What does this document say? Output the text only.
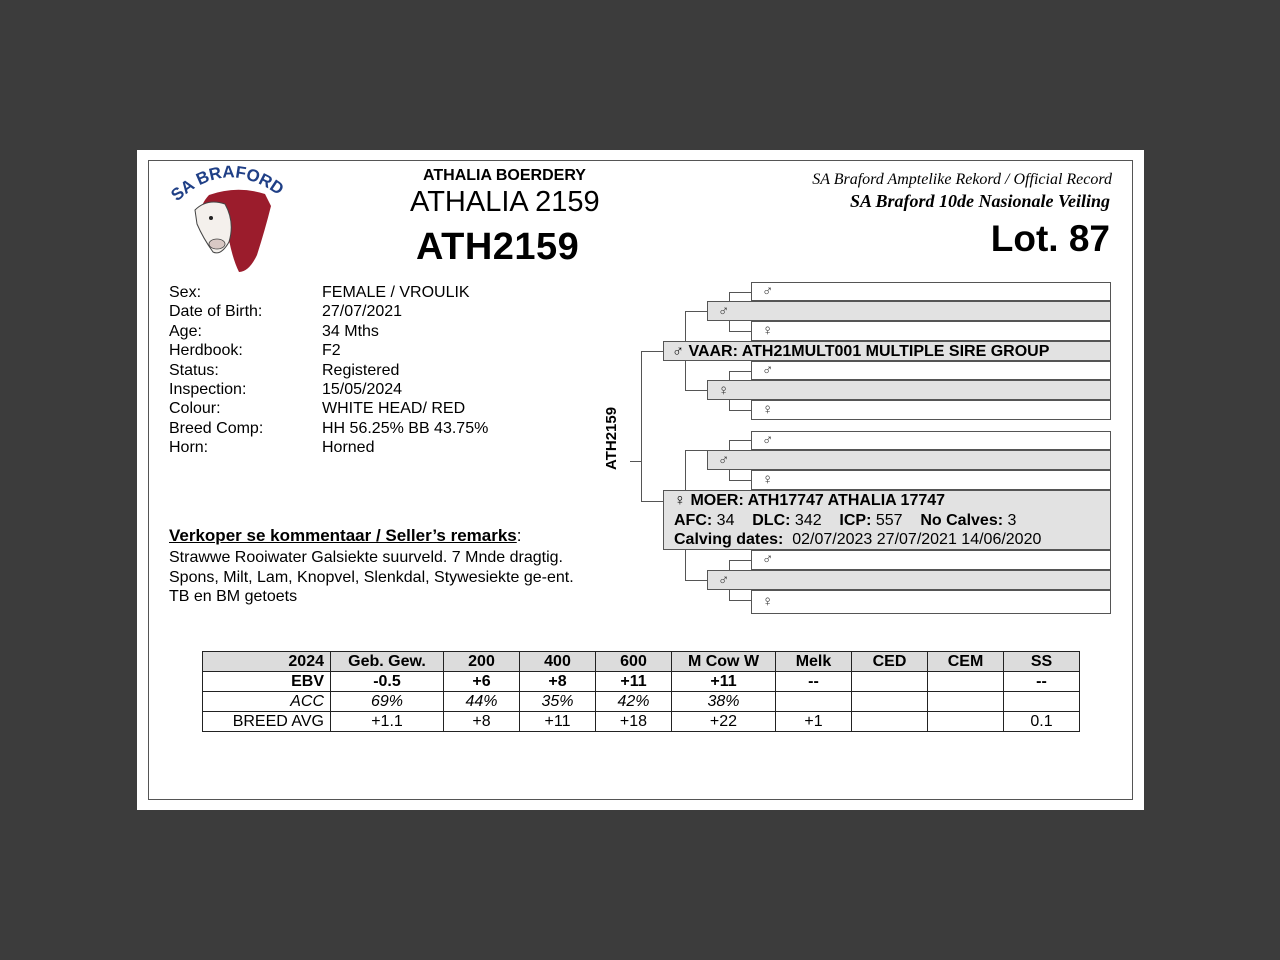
SA BRAFORD
ATHALIA BOERDERY
ATHALIA 2159
ATH2159
SA Braford Amptelike Rekord / Official Record
SA Braford 10de Nasionale Veiling
Lot. 87
Sex:	FEMALE / VROULIK
Date of Birth:	27/07/2021
Age:	34 Mths
Herdbook:	F2
Status:	Registered
Inspection:	15/05/2024
Colour:	WHITE HEAD/ RED
Breed Comp:	HH 56.25% BB 43.75%
Horn:	Horned
Verkoper se kommentaar / Seller’s remarks:
Strawwe Rooiwater Galsiekte suurveld. 7 Mnde dragtig. Spons, Milt, Lam, Knopvel, Slenkdal, Stywesiekte ge-ent. TB en BM getoets
ATH2159
♂
♂
♀
♂ VAAR: ATH21MULT001 MULTIPLE SIRE GROUP
♂
♀
♀
♂
♂
♀
♀ MOER: ATH17747 ATHALIA 17747
AFC: 34 DLC: 342 ICP: 557 No Calves: 3
Calving dates: 02/07/2023 27/07/2021 14/06/2020
♂
♂
♀
2024	Geb. Gew.	200	400	600	M Cow W	Melk	CED	CEM	SS
EBV	-0.5	+6	+8	+11	+11	--			--
ACC	69%	44%	35%	42%	38%				
BREED AVG	+1.1	+8	+11	+18	+22	+1			0.1
